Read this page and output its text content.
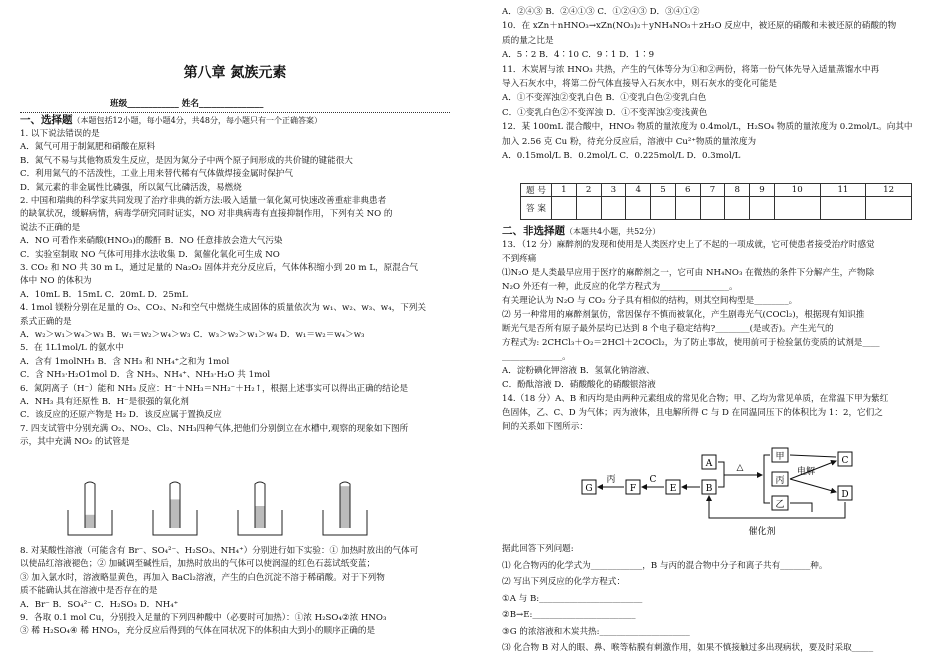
第八章 氮族元素
班级____________ 姓名_______________
一、选择题（本题包括12小题，每小题4分，共48分，每小题只有一个正确答案）
1. 以下说法错误的是
A．氮气可用于制氮肥和硝酸在原料
B．氮气不易与其他物质发生反应，是因为氮分子中两个原子间形成的共价键的键能很大
C．利用氮气的不活泼性，工业上用来替代稀有气体做焊接金属时保护气
D．氮元素的非金属性比磷强，所以氮气比磷活泼，易燃烧
2. 中国和瑞典的科学家共同发现了治疗非典的新方法:吸入适量一氧化氮可快速改善重症非典患者
的缺氧状况，缓解病情，病毒学研究同时证实，NO 对非典病毒有直接抑制作用，下列有关 NO 的
说法不正确的是
A．NO 可看作来硝酸(HNO₃)的酸酐 B．NO 任意排放会造大气污染
C．实验室制取 NO 气体可用排水法收集 D．氮催化氧化可生成 NO
3. CO₂ 和 NO 共 30 m L，通过足量的 Na₂O₂ 固体并充分反应后，气体体积缩小到 20 m L，原混合气
体中 NO 的体积为
A．10mL B．15mL C．20mL D．25mL
4. 1mol 镁粉分别在足量的 O₂、CO₂、N₂和空气中燃烧生成固体的质量依次为 w₁、w₂、w₃、w₄，下列关
系式正确的是
A．w₂＞w₁＞w₄＞w₃ B．w₁＝w₂＞w₄＞w₃ C．w₃＞w₂＞w₁＞w₄ D．w₁＝w₂＝w₄＞w₃
5．在 1L1mol/L 的氨水中
A．含有 1molNH₃ B．含 NH₃ 和 NH₄⁺之和为 1mol
C．含 NH₃·H₂O1mol D．含 NH₃、NH₄⁺、NH₃·H₂O 共 1mol
6．氮阴离子（H⁻）能和 NH₃ 反应：H⁻＋NH₃＝NH₂⁻＋H₂↑，根据上述事实可以得出正确的结论是
A．NH₃ 具有还原性 B．H⁻是很强的氧化剂
C．该反应的还原产物是 H₂ D．该反应属于置换反应
7. 四支试管中分别充满 O₂、NO₂、Cl₂、NH₃四种气体,把他们分别倒立在水槽中,观察的现象如下图所
示，其中充满 NO₂ 的试管是
8. 对某酸性溶液（可能含有 Br⁻、SO₄²⁻、H₂SO₃、NH₄⁺）分别进行如下实验：① 加热时放出的气体可
以使品红溶液褪色；② 加碱调至碱性后，加热时放出的气体可以使润湿的红色石蕊试纸变蓝；
③ 加入氯水时，溶液略显黄色，再加入 BaCl₂溶液，产生的白色沉淀不溶于稀硝酸。对于下列物
质不能确认其在溶液中是否存在的是
A．Br⁻ B．SO₄²⁻ C．H₂SO₃ D．NH₄⁺
9．各取 0.1 mol Cu，分别投入足量的下列四种酸中（必要时可加热）：①浓 H₂SO₄②浓 HNO₃
③ 稀 H₂SO₄④ 稀 HNO₃，充分反应后得到的气体在同状况下的体积由大到小的顺序正确的是
A．②④③ B．②④①③ C．①②④③ D．③④①②
10．在 xZn＋nHNO₃→xZn(NO₃)₂＋yNH₄NO₃＋zH₂O 反应中，被还原的硝酸和未被还原的硝酸的物
质的量之比是
A．5∶2 B．4∶10 C．9∶1 D．1∶9
11．木炭屑与浓 HNO₃ 共热，产生的气体等分为①和②两份，将第一份气体先导入适量蒸馏水中再
导入石灰水中，将第二份气体直接导入石灰水中，则石灰水的变化可能是
A．①不变浑浊②变乳白色 B．①变乳白色②变乳白色
C．①变乳白色②不变浑浊 D．①不变浑浊②变浅黄色
12．某 100mL 混合酸中，HNO₃ 物质的量浓度为 0.4mol/L，H₂SO₄ 物质的量浓度为 0.2mol/L。向其中
加入 2.56 克 Cu 粉，待充分反应后，溶液中 Cu²⁺物质的量浓度为
A．0.15mol/L B．0.2mol/L C．0.225mol/L D．0.3mol/L
题 号	1	2	3	4	5	6	7	8	9	10	11	12
答 案												
二、非选择题（本题共4小题，共52分）
13．（12 分）麻醉剂的发现和使用是人类医疗史上了不起的一项成就，它可使患者接受治疗时感觉
不到疼痛
⑴N₂O 是人类最早应用于医疗的麻醉剂之一，它可由 NH₄NO₃ 在微热的条件下分解产生，产物除
N₂O 外还有一种，此反应的化学方程式为________________。
有关理论认为 N₂O 与 CO₂ 分子具有相似的结构，则其空间构型是________。
⑵ 另一种常用的麻醉剂氯仿，常因保存不慎而被氧化，产生剧毒光气(COCl₂)，根据现有知识推
断光气是否所有原子最外层均已达到 8 个电子稳定结构?________(是或否)。产生光气的
方程式为: 2CHCl₃＋O₂＝2HCl＋2COCl₂，为了防止事故，使用前可于检验氯仿变质的试剂是____
______________。
A．淀粉碘化钾溶液 B．氢氧化钠溶液、
C．酚酞溶液 D．硝酸酸化的硝酸银溶液
14.（18 分）A、B 和丙均是由两种元素组成的常见化合物；甲、乙均为常见单质，在常温下甲为紫红
色固体，乙、C、D 为气体；丙为液体，且电解所得 C 与 D 在同温同压下的体积比为 1：2，它们之
间的关系如下图所示：
G	F	E
A
B
甲
丙
乙
C
D
△
C
丙
电解
催化剂
据此回答下列问题:
⑴ 化合物丙的化学式为____________，B 与丙的混合物中分子和离子共有_______种。
⑵ 写出下列反应的化学方程式：
①A 与 B:________________________
②B→E:________________________
③G 的浓溶液和木炭共热:_____________________
⑶ 化合物 B 对人的眼、鼻、喉等粘膜有刺激作用，如果不慎接触过多出现病状，要及时采取_____
